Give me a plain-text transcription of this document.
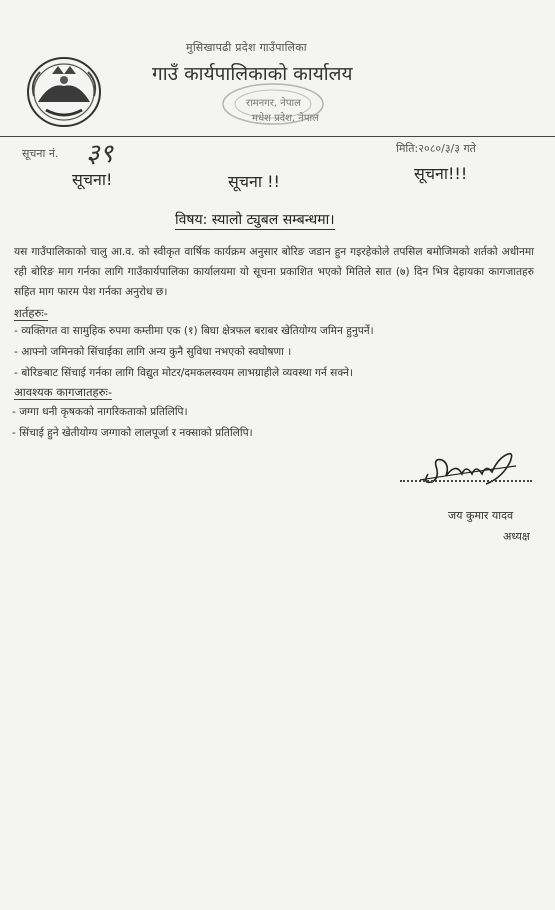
मुसिखापढी प्रदेश गाउँपालिका
गाउँ कार्यपालिकाको कार्यालय
रामनगर, नेपाल
मधेश प्रदेश, नेपाल
सूचना नं. ३९	मिति:२०८०/३/३ गते
सूचना!	सूचना !!	सूचना!!!
विषय: स्यालो ट्युबल सम्बन्धमा।
यस गाउँपालिकाको चालु आ.व. को स्वीकृत वार्षिक कार्यक्रम अनुसार बोरिङ जडान हुन गइरहेकोले तपसिल बमोजिमको शर्तको अधीनमा रही बोरिङ माग गर्नका लागि गाउँकार्यपालिका कार्यालयमा यो सूचना प्रकाशित भएको मितिले सात (७) दिन भित्र देहायका कागजातहरु सहित माग फारम पेश गर्नका अनुरोध छ।
शर्तहरुः-
- व्यक्तिगत वा सामुहिक रुपमा कम्तीमा एक (१) बिघा क्षेत्रफल बराबर खेतियोग्य जमिन हुनुपर्ने।
- आफ्नो जमिनको सिंचाईका लागि अन्य कुनै सुविधा नभएको स्वघोषणा ।
- बोरिङबाट सिंचाई गर्नका लागि विद्युत मोटर/दमकलस्वयम लाभग्राहीले व्यवस्था गर्न सक्ने।
आवश्यक कागजातहरुः-
- जग्गा धनी कृषकको नागरिकताको प्रतिलिपि।
- सिंचाई हुने खेतीयोग्य जग्गाको लालपूर्जा र नक्साको प्रतिलिपि।
जय कुमार यादव
अध्यक्ष
